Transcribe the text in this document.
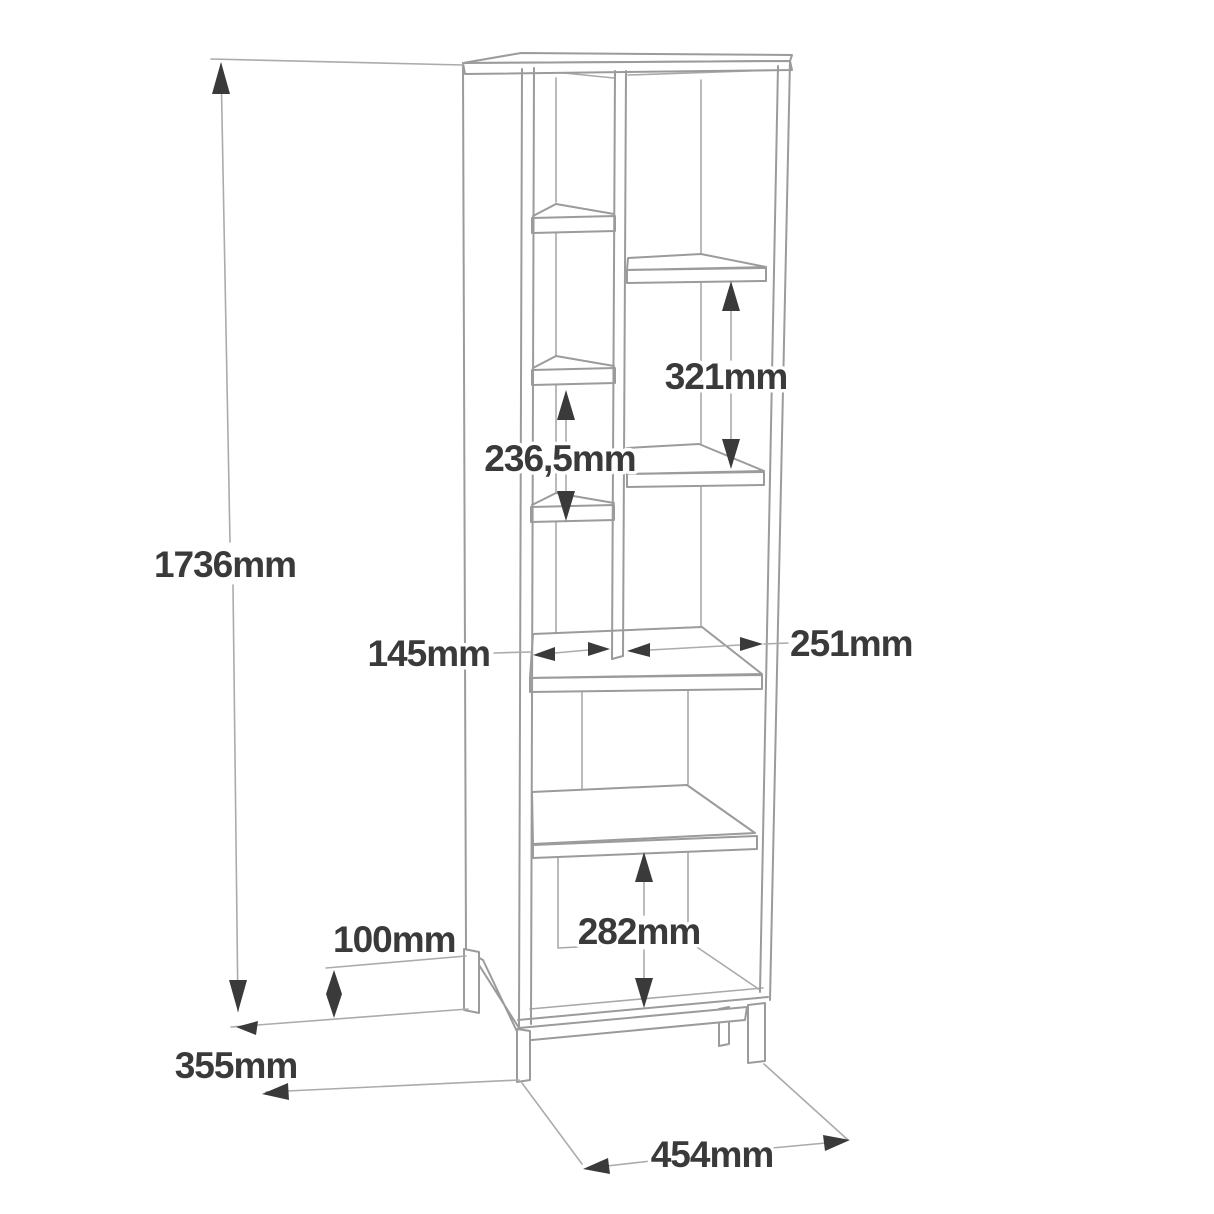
1736mm
321mm
236,5mm
145mm	251mm
282mm
100mm
355mm
454mm
